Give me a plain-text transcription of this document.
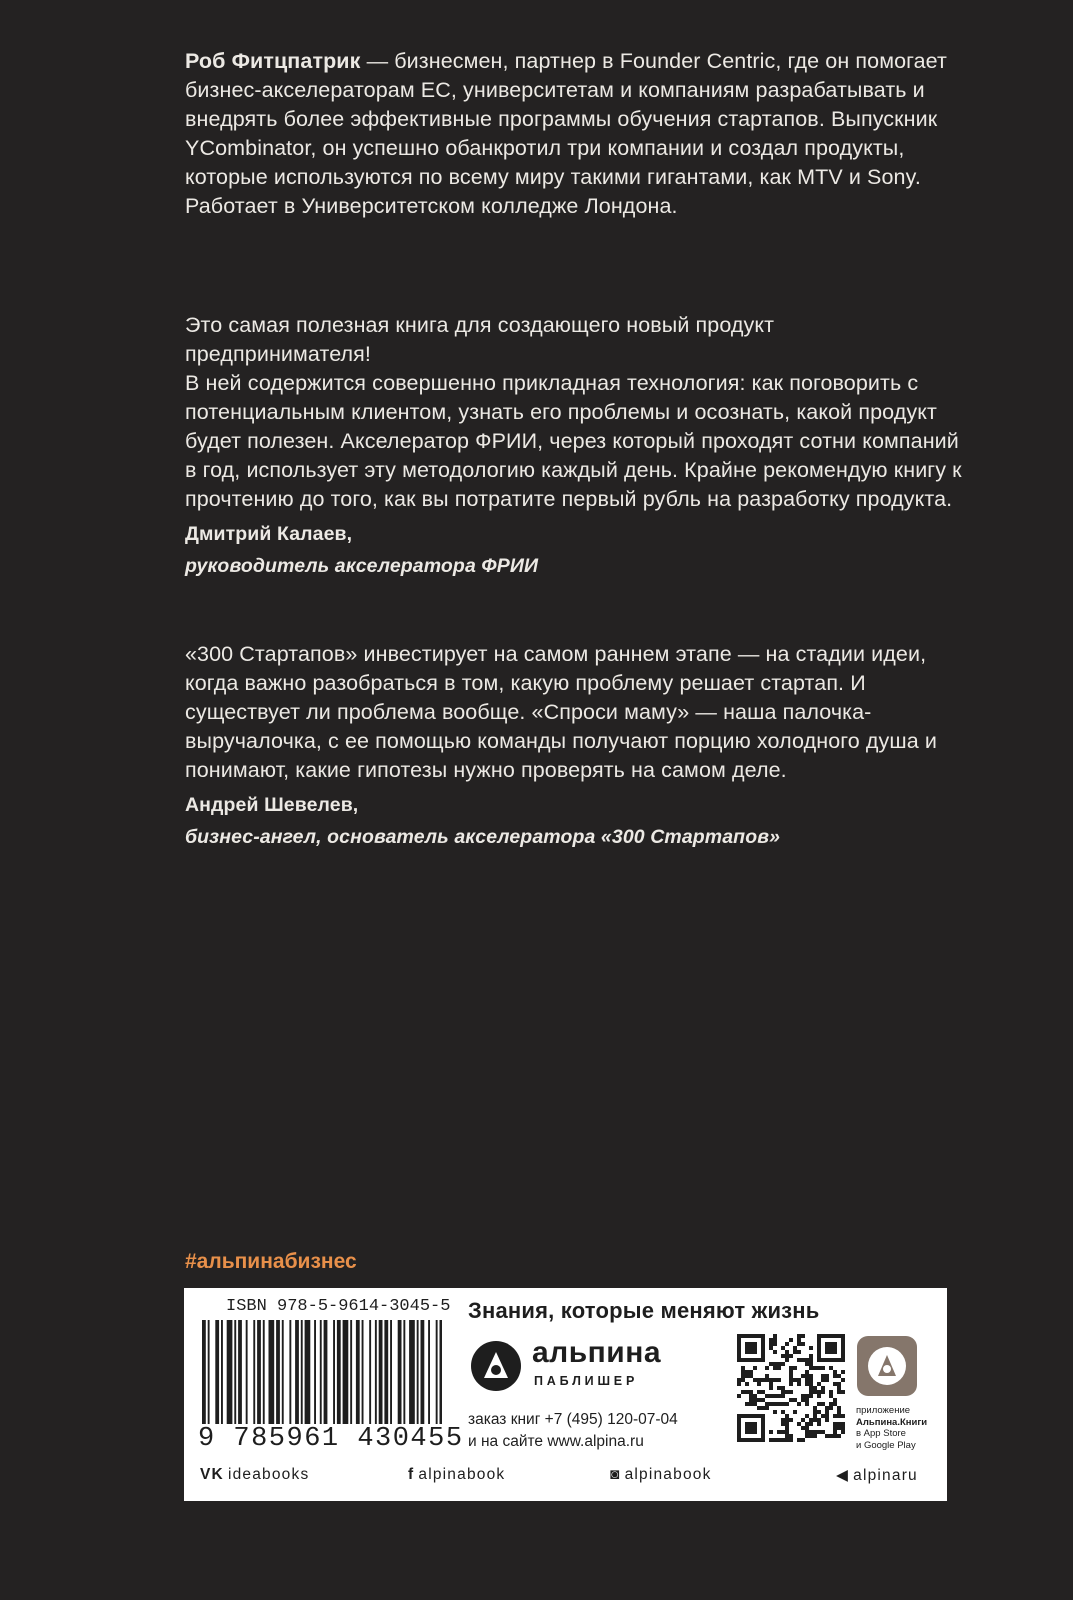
Роб Фитцпатрик — бизнесмен, партнер в Founder Centric, где он помогает бизнес-акселераторам ЕС, университетам и компаниям разрабатывать и внедрять более эффективные программы обучения стартапов. Выпускник YCombinator, он успешно обанкротил три компании и создал продукты, которые используются по всему миру такими гигантами, как MTV и Sony. Работает в Университетском колледже Лондона.

Это самая полезная книга для создающего новый продукт предпринимателя!
В ней содержится совершенно прикладная технология: как поговорить с потенциальным клиентом, узнать его проблемы и осознать, какой продукт будет полезен. Акселератор ФРИИ, через который проходят сотни компаний в год, использует эту методологию каждый день. Крайне рекомендую книгу к прочтению до того, как вы потратите первый рубль на разработку продукта.

Дмитрий Калаев,
руководитель акселератора ФРИИ

«300 Стартапов» инвестирует на самом раннем этапе — на стадии идеи, когда важно разобраться в том, какую проблему решает стартап. И существует ли проблема вообще. «Спроси маму» — наша палочка-выручалочка, с ее помощью команды получают порцию холодного душа и понимают, какие гипотезы нужно проверять на самом деле.

Андрей Шевелев,
бизнес-ангел, основатель акселератора «300 Стартапов»
#альпинабизнес
ISBN 978-5-9614-3045-5
9 785961 430455
Знания, которые меняют жизнь
альпина
ПАБЛИШЕР
заказ книг +7 (495) 120-07-04
и на сайте www.alpina.ru
приложение
Альпина.Книги
в App Store
и Google Play
VK ideabooks	f alpinabook	◙ alpinabook	◀ alpinaru
